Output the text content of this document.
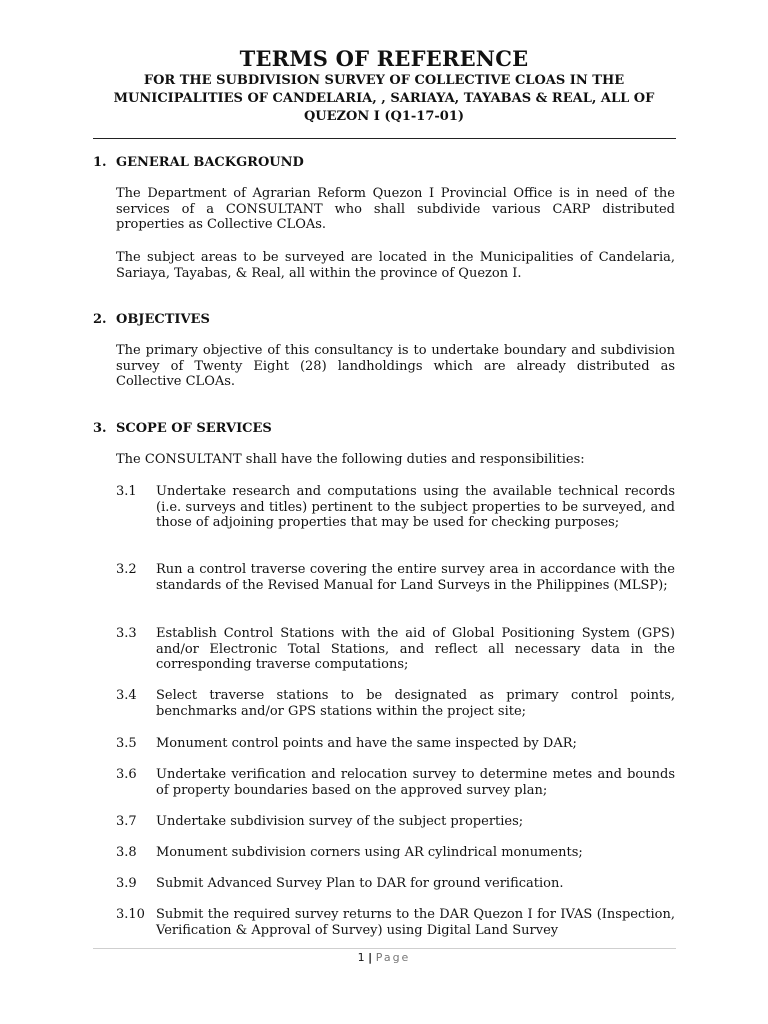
TERMS OF REFERENCE
FOR THE SUBDIVISION SURVEY OF COLLECTIVE CLOAS IN THE
MUNICIPALITIES OF CANDELARIA, , SARIAYA, TAYABAS & REAL, ALL OF
QUEZON I (Q1-17-01)
1. GENERAL BACKGROUND
The Department of Agrarian Reform Quezon I Provincial Office is in need of the services of a CONSULTANT who shall subdivide various CARP distributed properties as Collective CLOAs.
The subject areas to be surveyed are located in the Municipalities of Candelaria, Sariaya, Tayabas, & Real, all within the province of Quezon I.
2. OBJECTIVES
The primary objective of this consultancy is to undertake boundary and subdivision survey of Twenty Eight (28) landholdings which are already distributed as Collective CLOAs.
3. SCOPE OF SERVICES
The CONSULTANT shall have the following duties and responsibilities:
3.1	Undertake research and computations using the available technical records (i.e. surveys and titles) pertinent to the subject properties to be surveyed, and those of adjoining properties that may be used for checking purposes;
3.2	Run a control traverse covering the entire survey area in accordance with the standards of the Revised Manual for Land Surveys in the Philippines (MLSP);
3.3	Establish Control Stations with the aid of Global Positioning System (GPS) and/or Electronic Total Stations, and reflect all necessary data in the corresponding traverse computations;
3.4	Select traverse stations to be designated as primary control points, benchmarks and/or GPS stations within the project site;
3.5	Monument control points and have the same inspected by DAR;
3.6	Undertake verification and relocation survey to determine metes and bounds of property boundaries based on the approved survey plan;
3.7	Undertake subdivision survey of the subject properties;
3.8	Monument subdivision corners using AR cylindrical monuments;
3.9	Submit Advanced Survey Plan to DAR for ground verification.
3.10 Submit the required survey returns to the DAR Quezon I for IVAS (Inspection, Verification & Approval of Survey) using Digital Land Survey
1 | Page
